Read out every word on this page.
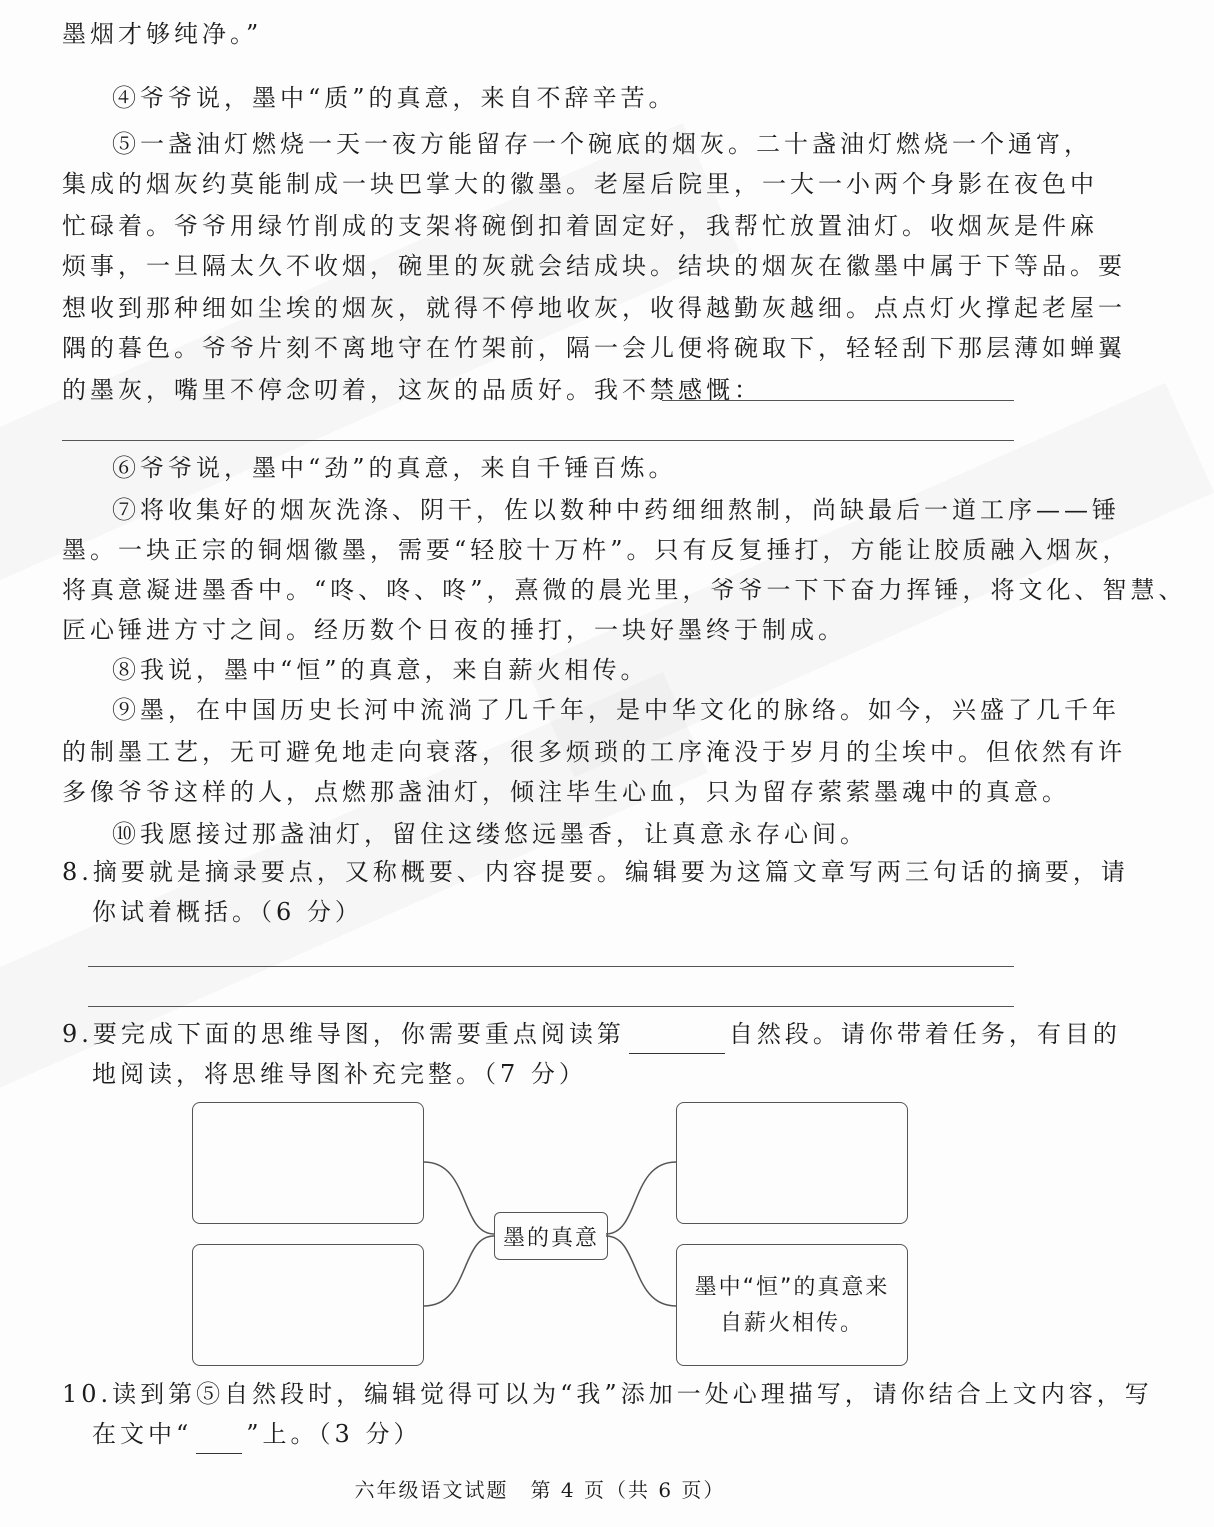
墨烟才够纯净。”
④爷爷说，墨中“质”的真意，来自不辞辛苦。
⑤一盏油灯燃烧一天一夜方能留存一个碗底的烟灰。二十盏油灯燃烧一个通宵，
集成的烟灰约莫能制成一块巴掌大的徽墨。老屋后院里，一大一小两个身影在夜色中
忙碌着。爷爷用绿竹削成的支架将碗倒扣着固定好，我帮忙放置油灯。收烟灰是件麻
烦事，一旦隔太久不收烟，碗里的灰就会结成块。结块的烟灰在徽墨中属于下等品。要
想收到那种细如尘埃的烟灰，就得不停地收灰，收得越勤灰越细。点点灯火撑起老屋一
隅的暮色。爷爷片刻不离地守在竹架前，隔一会儿便将碗取下，轻轻刮下那层薄如蝉翼
的墨灰，嘴里不停念叨着，这灰的品质好。我不禁感慨：
⑥爷爷说，墨中“劲”的真意，来自千锤百炼。
⑦将收集好的烟灰洗涤、阴干，佐以数种中药细细熬制，尚缺最后一道工序——锤
墨。一块正宗的铜烟徽墨，需要“轻胶十万杵”。只有反复捶打，方能让胶质融入烟灰，
将真意凝进墨香中。“咚、咚、咚”，熹微的晨光里，爷爷一下下奋力挥锤，将文化、智慧、
匠心锤进方寸之间。经历数个日夜的捶打，一块好墨终于制成。
⑧我说，墨中“恒”的真意，来自薪火相传。
⑨墨，在中国历史长河中流淌了几千年，是中华文化的脉络。如今，兴盛了几千年
的制墨工艺，无可避免地走向衰落，很多烦琐的工序淹没于岁月的尘埃中。但依然有许
多像爷爷这样的人，点燃那盏油灯，倾注毕生心血，只为留存萦萦墨魂中的真意。
⑩我愿接过那盏油灯，留住这缕悠远墨香，让真意永存心间。
8.摘要就是摘录要点，又称概要、内容提要。编辑要为这篇文章写两三句话的摘要，请
你试着概括。（6 分）
9.要完成下面的思维导图，你需要重点阅读第	自然段。请你带着任务，有目的
地阅读，将思维导图补充完整。（7 分）
墨中“恒”的真意来
自薪火相传。
墨的真意
10.读到第⑤自然段时，编辑觉得可以为“我”添加一处心理描写，请你结合上文内容，写
在文中“ ”上。（3 分）
六年级语文试题　第 4 页（共 6 页）
